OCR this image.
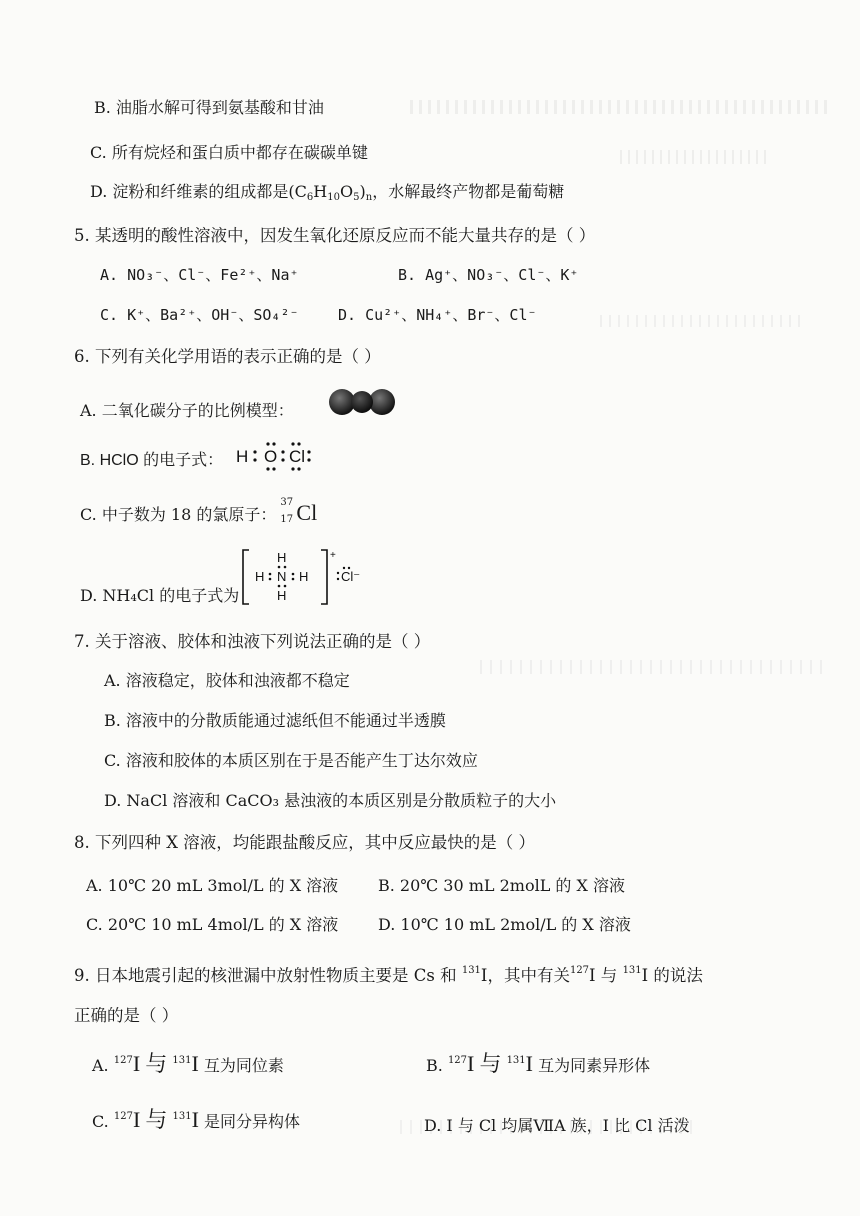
B. 油脂水解可得到氨基酸和甘油
C. 所有烷烃和蛋白质中都存在碳碳单键
D. 淀粉和纤维素的组成都是$(C_6H_{10}O_5)_n$，水解最终产物都是葡萄糖
5. 某透明的酸性溶液中，因发生氧化还原反应而不能大量共存的是（ ）
A. NO₃⁻、Cl⁻、Fe²⁺、Na⁺	B. Ag⁺、NO₃⁻、Cl⁻、K⁺
C. K⁺、Ba²⁺、OH⁻、SO₄²⁻	D. Cu²⁺、NH₄⁺、Br⁻、Cl⁻
6. 下列有关化学用语的表示正确的是（ ）
A. 二氧化碳分子的比例模型：
B. HClO 的电子式： H O Cl
C. 中子数为 18 的氯原子：
37
17 Cl
D. NH₄Cl 的电子式为
H
H N H
H
+
Cl⁻
7. 关于溶液、胶体和浊液下列说法正确的是（ ）
A. 溶液稳定，胶体和浊液都不稳定
B. 溶液中的分散质能通过滤纸但不能通过半透膜
C. 溶液和胶体的本质区别在于是否能产生丁达尔效应
D. NaCl 溶液和 CaCO₃ 悬浊液的本质区别是分散质粒子的大小
8. 下列四种 X 溶液，均能跟盐酸反应，其中反应最快的是（ ）
A. 10℃ 20 mL 3mol/L 的 X 溶液 B. 20℃ 30 mL 2molL 的 X 溶液
C. 20℃ 10 mL 4mol/L 的 X 溶液 D. 10℃ 10 mL 2mol/L 的 X 溶液
9. 日本地震引起的核泄漏中放射性物质主要是 Cs 和 $^{131}$I，其中有关$^{127}$I 与 $^{131}$I 的说法
正确的是（ ）
A. $^{127}$I 与 $^{131}$I 互为同位素	B. $^{127}$I 与 $^{131}$I 互为同素异形体
C. $^{127}$I 与 $^{131}$I 是同分异构体	D. I 与 Cl 均属ⅦA 族，I 比 Cl 活泼
